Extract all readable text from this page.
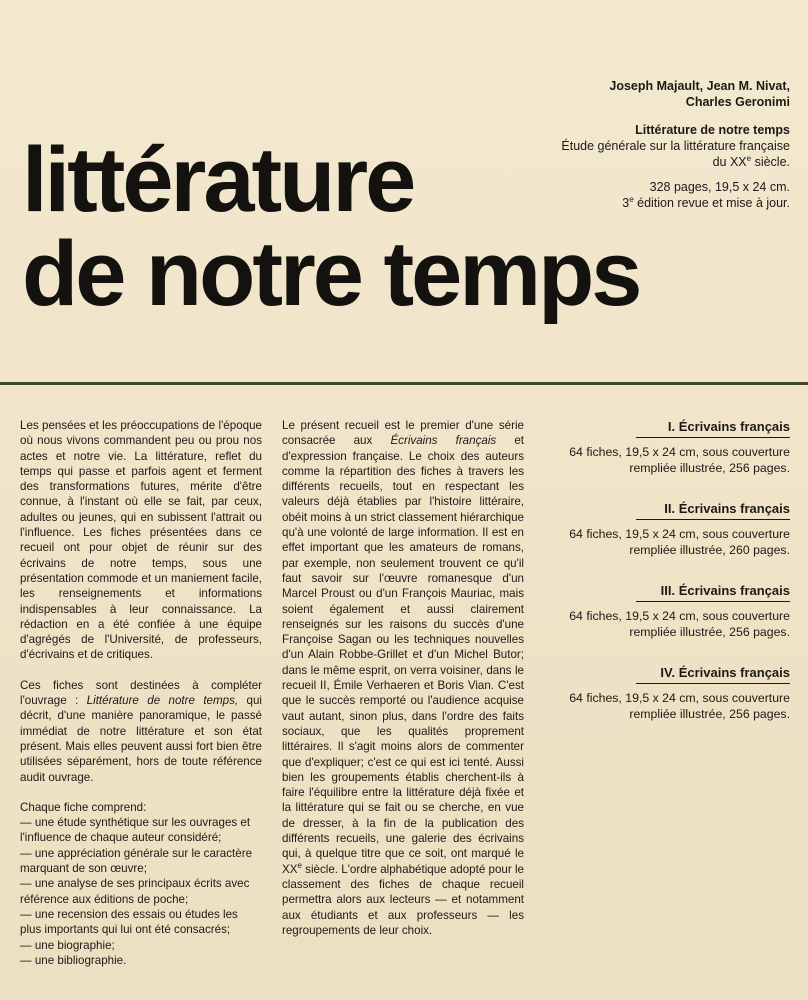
Joseph Majault, Jean M. Nivat,
Charles Geronimi
Littérature de notre temps
Étude générale sur la littérature française
du XXe siècle.
328 pages, 19,5 x 24 cm.
3e édition revue et mise à jour.
littérature
de notre temps

Les pensées et les préoccupations de l'époque où nous vivons commandent peu ou prou nos actes et notre vie. La littérature, reflet du temps qui passe et parfois agent et ferment des transformations futures, mérite d'être connue, à l'instant où elle se fait, par ceux, adultes ou jeunes, qui en subissent l'attrait ou l'influence. Les fiches présentées dans ce recueil ont pour objet de réunir sur des écrivains de notre temps, sous une présentation commode et un maniement facile, les renseignements et informations indispensables à leur connaissance. La rédaction en a été confiée à une équipe d'agrégés de l'Université, de professeurs, d'écrivains et de critiques.

Ces fiches sont destinées à compléter l'ouvrage : Littérature de notre temps, qui décrit, d'une manière panoramique, le passé immédiat de notre littérature et son état présent. Mais elles peuvent aussi fort bien être utilisées séparément, hors de toute référence audit ouvrage.

Chaque fiche comprend:
— une étude synthétique sur les ouvrages et l'influence de chaque auteur considéré;
— une appréciation générale sur le caractère marquant de son œuvre;
— une analyse de ses principaux écrits avec référence aux éditions de poche;
— une recension des essais ou études les plus importants qui lui ont été consacrés;
— une biographie;
— une bibliographie.

Le présent recueil est le premier d'une série consacrée aux Écrivains français et d'expression française. Le choix des auteurs comme la répartition des fiches à travers les différents recueils, tout en respectant les valeurs déjà établies par l'histoire littéraire, obéit moins à un strict classement hiérarchique qu'à une volonté de large information. Il est en effet important que les amateurs de romans, par exemple, non seulement trouvent ce qu'il faut savoir sur l'œuvre romanesque d'un Marcel Proust ou d'un François Mauriac, mais soient également et aussi clairement renseignés sur les raisons du succès d'une Françoise Sagan ou les techniques nouvelles d'un Alain Robbe-Grillet et d'un Michel Butor; dans le même esprit, on verra voisiner, dans le recueil II, Émile Verhaeren et Boris Vian. C'est que le succès remporté ou l'audience acquise vaut autant, sinon plus, dans l'ordre des faits sociaux, que les qualités proprement littéraires. Il s'agit moins alors de commenter que d'expliquer; c'est ce qui est ici tenté. Aussi bien les groupements établis cherchent-ils à faire l'équilibre entre la littérature déjà fixée et la littérature qui se fait ou se cherche, en vue de dresser, à la fin de la publication des différents recueils, une galerie des écrivains qui, à quelque titre que ce soit, ont marqué le XXe siècle. L'ordre alphabétique adopté pour le classement des fiches de chaque recueil permettra alors aux lecteurs — et notamment aux étudiants et aux professeurs — les regroupements de leur choix.

I. Écrivains français
64 fiches, 19,5 x 24 cm, sous couverture
rempliée illustrée, 256 pages.
II. Écrivains français
64 fiches, 19,5 x 24 cm, sous couverture
rempliée illustrée, 260 pages.
III. Écrivains français
64 fiches, 19,5 x 24 cm, sous couverture
rempliée illustrée, 256 pages.
IV. Écrivains français
64 fiches, 19,5 x 24 cm, sous couverture
rempliée illustrée, 256 pages.
